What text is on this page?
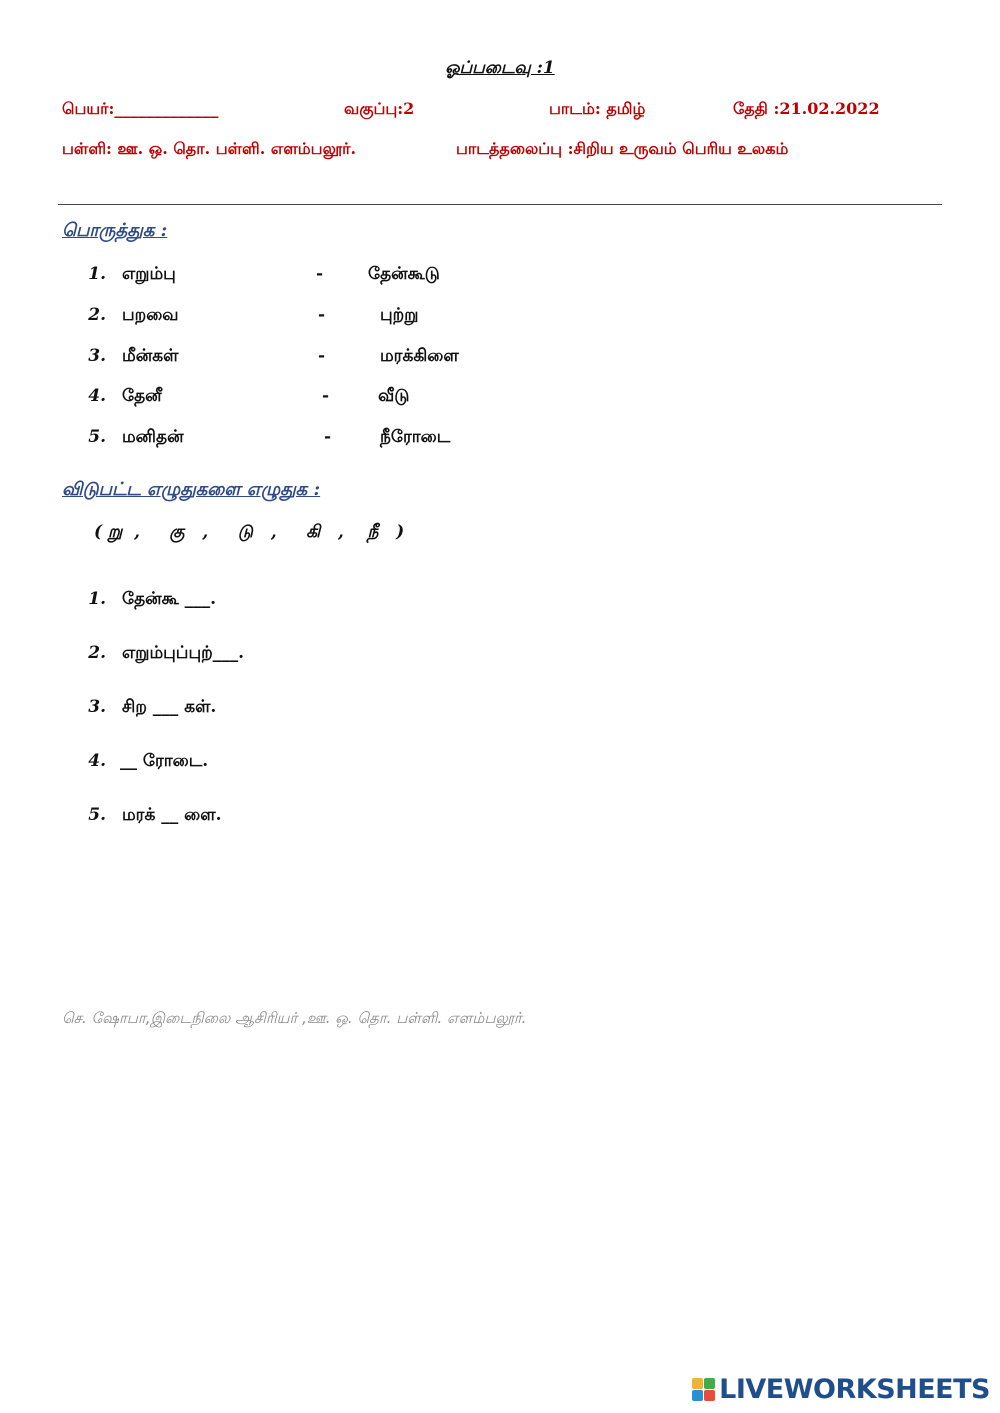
ஓப்படைவு :1
பெயர்:_____________	வகுப்பு:2	பாடம்: தமிழ்	தேதி :21.02.2022
பள்ளி: ஊ. ஒ. தொ. பள்ளி. எளம்பலூர்.	பாடத்தலைப்பு :சிறிய உருவம் பெரிய உலகம்
பொருத்துக :
1. எறும்பு	-	தேன்கூடு
2. பறவை	-	புற்று
3. மீன்கள்	-	மரக்கிளை
4. தேனீ	-	வீடு
5. மனிதன்	-	நீரோடை
விடுபட்ட எழுதுகளை எழுதுக :
( று  ,     கு   ,     டு   ,     கி   ,    நீ   )
1. தேன்கூ ___.
2. எறும்புப்புற்___.
3. சிற ___ கள்.
4. __ ரோடை.
5. மரக் __ ளை.
செ. ஷோபா,இடைநிலை ஆசிரியர் ,ஊ. ஒ. தொ. பள்ளி. எளம்பலூர்.
LIVEWORKSHEETS
